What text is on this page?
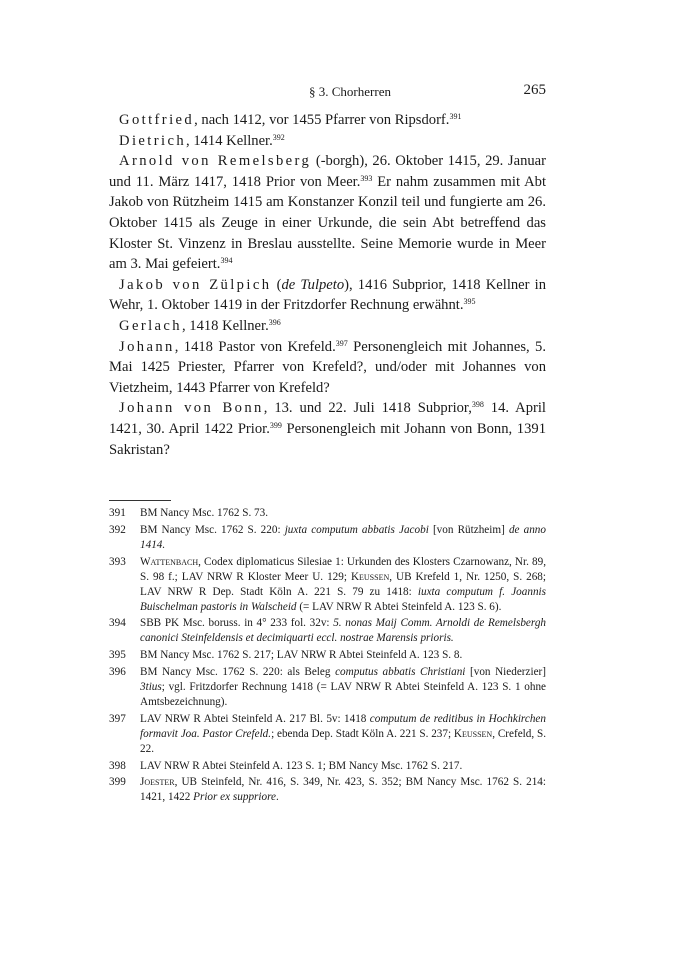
§ 3. Chorherren	265

Gottfried, nach 1412, vor 1455 Pfarrer von Ripsdorf.$^{391}$

Dietrich, 1414 Kellner.$^{392}$

Arnold von Remelsberg (-borgh), 26. Oktober 1415, 29. Januar und 11. März 1417, 1418 Prior von Meer.$^{393}$ Er nahm zusammen mit Abt Jakob von Rützheim 1415 am Konstanzer Konzil teil und fungierte am 26. Oktober 1415 als Zeuge in einer Urkunde, die sein Abt betreffend das Kloster St. Vinzenz in Breslau ausstellte. Seine Memorie wurde in Meer am 3. Mai gefeiert.$^{394}$

Jakob von Zülpich (de Tulpeto), 1416 Subprior, 1418 Kellner in Wehr, 1. Oktober 1419 in der Fritzdorfer Rechnung erwähnt.$^{395}$

Gerlach, 1418 Kellner.$^{396}$

Johann, 1418 Pastor von Krefeld.$^{397}$ Personengleich mit Johannes, 5. Mai 1425 Priester, Pfarrer von Krefeld?, und/oder mit Johannes von Vietzheim, 1443 Pfarrer von Krefeld?

Johann von Bonn, 13. und 22. Juli 1418 Subprior,$^{398}$ 14. April 1421, 30. April 1422 Prior.$^{399}$ Personengleich mit Johann von Bonn, 1391 Sakristan?

391	BM Nancy Msc. 1762 S. 73.
392	BM Nancy Msc. 1762 S. 220: juxta computum abbatis Jacobi [von Rützheim] de anno 1414.
393	Wattenbach, Codex diplomaticus Silesiae 1: Urkunden des Klosters Czarnowanz, Nr. 89, S. 98 f.; LAV NRW R Kloster Meer U. 129; Keussen, UB Krefeld 1, Nr. 1250, S. 268; LAV NRW R Dep. Stadt Köln A. 221 S. 79 zu 1418: iuxta computum f. Joannis Buischelman pastoris in Walscheid (= LAV NRW R Abtei Steinfeld A. 123 S. 6).
394	SBB PK Msc. boruss. in 4° 233 fol. 32v: 5. nonas Maij Comm. Arnoldi de Remelsbergh canonici Steinfeldensis et decimiquarti eccl. nostrae Marensis prioris.
395	BM Nancy Msc. 1762 S. 217; LAV NRW R Abtei Steinfeld A. 123 S. 8.
396	BM Nancy Msc. 1762 S. 220: als Beleg computus abbatis Christiani [von Niederzier] 3tius; vgl. Fritzdorfer Rechnung 1418 (= LAV NRW R Abtei Steinfeld A. 123 S. 1 ohne Amtsbezeichnung).
397	LAV NRW R Abtei Steinfeld A. 217 Bl. 5v: 1418 computum de reditibus in Hochkirchen formavit Joa. Pastor Crefeld.; ebenda Dep. Stadt Köln A. 221 S. 237; Keussen, Crefeld, S. 22.
398	LAV NRW R Abtei Steinfeld A. 123 S. 1; BM Nancy Msc. 1762 S. 217.
399	Joester, UB Steinfeld, Nr. 416, S. 349, Nr. 423, S. 352; BM Nancy Msc. 1762 S. 214: 1421, 1422 Prior ex suppriore.
